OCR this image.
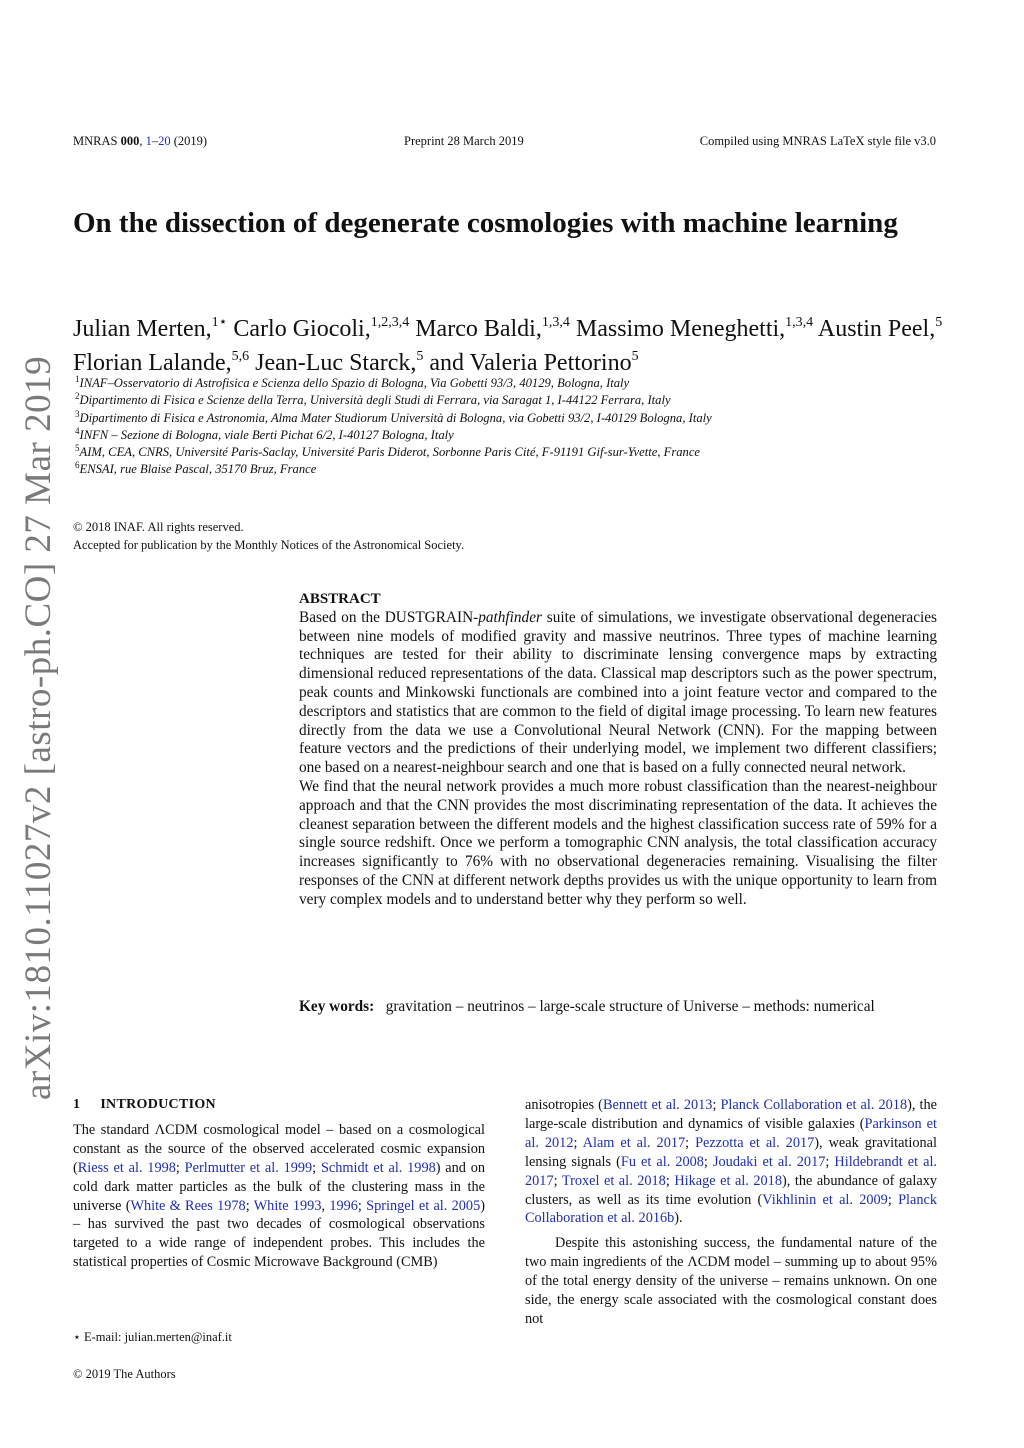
arXiv:1810.11027v2 [astro-ph.CO] 27 Mar 2019
MNRAS 000, 1–20 (2019)	Preprint 28 March 2019	Compiled using MNRAS LaTeX style file v3.0
On the dissection of degenerate cosmologies with machine learning
Julian Merten,$^{1⋆}$ Carlo Giocoli,$^{1,2,3,4}$ Marco Baldi,$^{1,3,4}$ Massimo Meneghetti,$^{1,3,4}$ Austin Peel,$^5$ Florian Lalande,$^{5,6}$ Jean-Luc Starck,$^5$ and Valeria Pettorino$^5$
$^1$INAF–Osservatorio di Astrofisica e Scienza dello Spazio di Bologna, Via Gobetti 93/3, 40129, Bologna, Italy
$^2$Dipartimento di Fisica e Scienze della Terra, Università degli Studi di Ferrara, via Saragat 1, I-44122 Ferrara, Italy
$^3$Dipartimento di Fisica e Astronomia, Alma Mater Studiorum Università di Bologna, via Gobetti 93/2, I-40129 Bologna, Italy
$^4$INFN – Sezione di Bologna, viale Berti Pichat 6/2, I-40127 Bologna, Italy
$^5$AIM, CEA, CNRS, Université Paris-Saclay, Université Paris Diderot, Sorbonne Paris Cité, F-91191 Gif-sur-Yvette, France
$^6$ENSAI, rue Blaise Pascal, 35170 Bruz, France
© 2018 INAF. All rights reserved.
Accepted for publication by the Monthly Notices of the Astronomical Society.
ABSTRACT

Based on the DUSTGRAIN-pathfinder suite of simulations, we investigate observational degeneracies between nine models of modified gravity and massive neutrinos. Three types of machine learning techniques are tested for their ability to discriminate lensing convergence maps by extracting dimensional reduced representations of the data. Classical map descriptors such as the power spectrum, peak counts and Minkowski functionals are combined into a joint feature vector and compared to the descriptors and statistics that are common to the field of digital image processing. To learn new features directly from the data we use a Convolutional Neural Network (CNN). For the mapping between feature vectors and the predictions of their underlying model, we implement two different classifiers; one based on a nearest-neighbour search and one that is based on a fully connected neural network.

We find that the neural network provides a much more robust classification than the nearest-neighbour approach and that the CNN provides the most discriminating representation of the data. It achieves the cleanest separation between the different models and the highest classification success rate of 59% for a single source redshift. Once we perform a tomographic CNN analysis, the total classification accuracy increases significantly to 76% with no observational degeneracies remaining. Visualising the filter responses of the CNN at different network depths provides us with the unique opportunity to learn from very complex models and to understand better why they perform so well.

Key words: gravitation – neutrinos – large-scale structure of Universe – methods: numerical
1 INTRODUCTION

The standard ΛCDM cosmological model – based on a cosmological constant as the source of the observed accelerated cosmic expansion (Riess et al. 1998; Perlmutter et al. 1999; Schmidt et al. 1998) and on cold dark matter particles as the bulk of the clustering mass in the universe (White & Rees 1978; White 1993, 1996; Springel et al. 2005) – has survived the past two decades of cosmological observations targeted to a wide range of independent probes. This includes the statistical properties of Cosmic Microwave Background (CMB)

anisotropies (Bennett et al. 2013; Planck Collaboration et al. 2018), the large-scale distribution and dynamics of visible galaxies (Parkinson et al. 2012; Alam et al. 2017; Pezzotta et al. 2017), weak gravitational lensing signals (Fu et al. 2008; Joudaki et al. 2017; Hildebrandt et al. 2017; Troxel et al. 2018; Hikage et al. 2018), the abundance of galaxy clusters, as well as its time evolution (Vikhlinin et al. 2009; Planck Collaboration et al. 2016b).

Despite this astonishing success, the fundamental nature of the two main ingredients of the ΛCDM model – summing up to about 95% of the total energy density of the universe – remains unknown. On one side, the energy scale associated with the cosmological constant does not

⋆ E-mail: julian.merten@inaf.it
© 2019 The Authors
